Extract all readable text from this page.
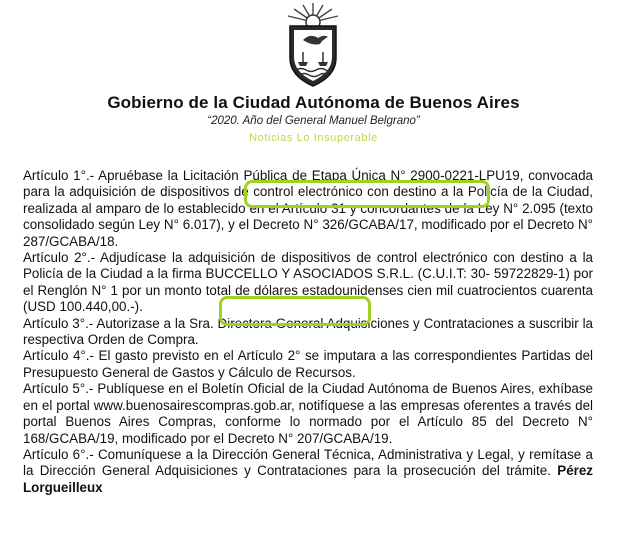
Gobierno de la Ciudad Autónoma de Buenos Aires
“2020. Año del General Manuel Belgrano”
Noticias Lo Insuperable

Artículo 1°.- Apruébase la Licitación Pública de Etapa Única N° 2900-0221-LPU19, convocada para la adquisición de dispositivos de control electrónico con destino a la Policía de la Ciudad, realizada al amparo de lo establecido en el Artículo 31 y concordantes de la Ley N° 2.095 (texto consolidado según Ley N° 6.017), y el Decreto N° 326/GCABA/17, modificado por el Decreto N° 287/GCABA/18.

Artículo 2°.- Adjudícase la adquisición de dispositivos de control electrónico con destino a la Policía de la Ciudad a la firma BUCCELLO Y ASOCIADOS S.R.L. (C.U.I.T: 30- 59722829-1) por el Renglón N° 1 por un monto total de dólares estadounidenses cien mil cuatrocientos cuarenta (USD 100.440,00.-).

Artículo 3°.- Autorizase a la Sra. Directora General Adquisiciones y Contrataciones a suscribir la respectiva Orden de Compra.

Artículo 4°.- El gasto previsto en el Artículo 2° se imputara a las correspondientes Partidas del Presupuesto General de Gastos y Cálculo de Recursos.

Artículo 5°.- Publíquese en el Boletín Oficial de la Ciudad Autónoma de Buenos Aires, exhíbase en el portal www.buenosairescompras.gob.ar, notifíquese a las empresas oferentes a través del portal Buenos Aires Compras, conforme lo normado por el Artículo 85 del Decreto N° 168/GCABA/19, modificado por el Decreto N° 207/GCABA/19.

Artículo 6°.- Comuníquese a la Dirección General Técnica, Administrativa y Legal, y remítase a la Dirección General Adquisiciones y Contrataciones para la prosecución del trámite. Pérez Lorgueilleux
